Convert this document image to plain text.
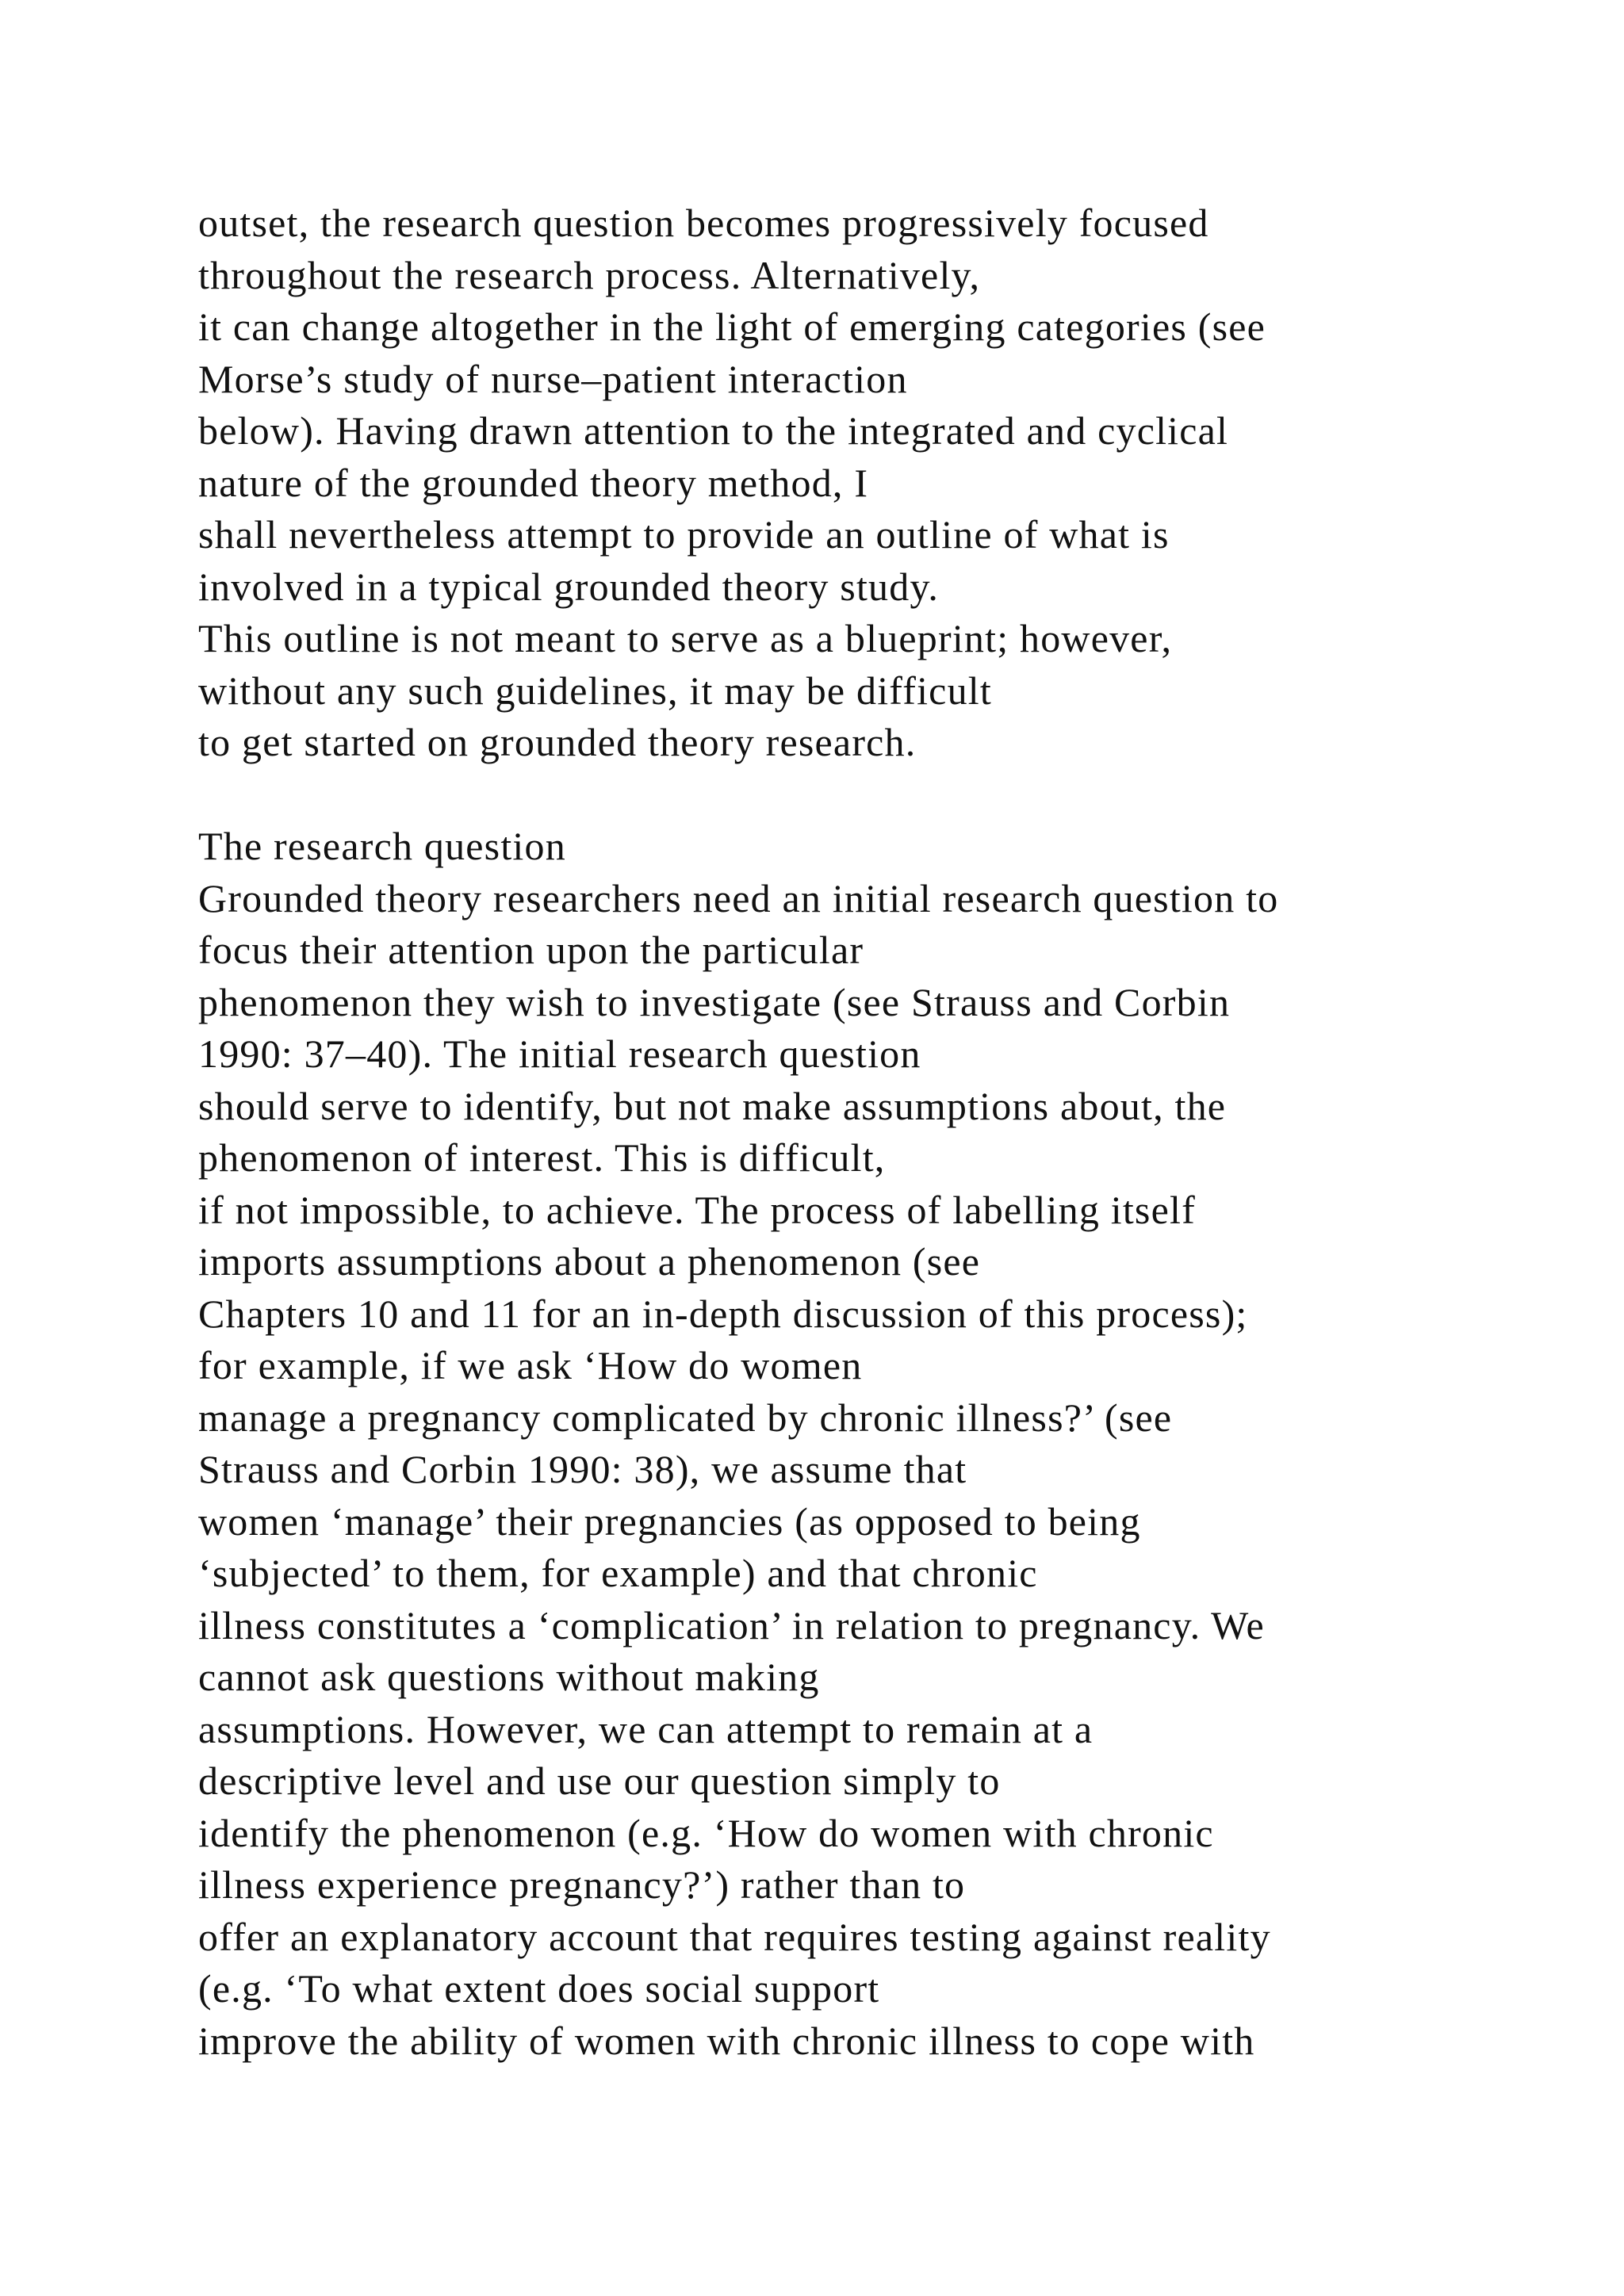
outset, the research question becomes progressively focused
throughout the research process. Alternatively,
it can change altogether in the light of emerging categories (see
Morse’s study of nurse–patient interaction
below). Having drawn attention to the integrated and cyclical
nature of the grounded theory method, I
shall nevertheless attempt to provide an outline of what is
involved in a typical grounded theory study.
This outline is not meant to serve as a blueprint; however,
without any such guidelines, it may be difficult
to get started on grounded theory research.
The research question
Grounded theory researchers need an initial research question to
focus their attention upon the particular
phenomenon they wish to investigate (see Strauss and Corbin
1990: 37–40). The initial research question
should serve to identify, but not make assumptions about, the
phenomenon of interest. This is difficult,
if not impossible, to achieve. The process of labelling itself
imports assumptions about a phenomenon (see
Chapters 10 and 11 for an in-depth discussion of this process);
for example, if we ask ‘How do women
manage a pregnancy complicated by chronic illness?’ (see
Strauss and Corbin 1990: 38), we assume that
women ‘manage’ their pregnancies (as opposed to being
‘subjected’ to them, for example) and that chronic
illness constitutes a ‘complication’ in relation to pregnancy. We
cannot ask questions without making
assumptions. However, we can attempt to remain at a
descriptive level and use our question simply to
identify the phenomenon (e.g. ‘How do women with chronic
illness experience pregnancy?’) rather than to
offer an explanatory account that requires testing against reality
(e.g. ‘To what extent does social support
improve the ability of women with chronic illness to cope with
